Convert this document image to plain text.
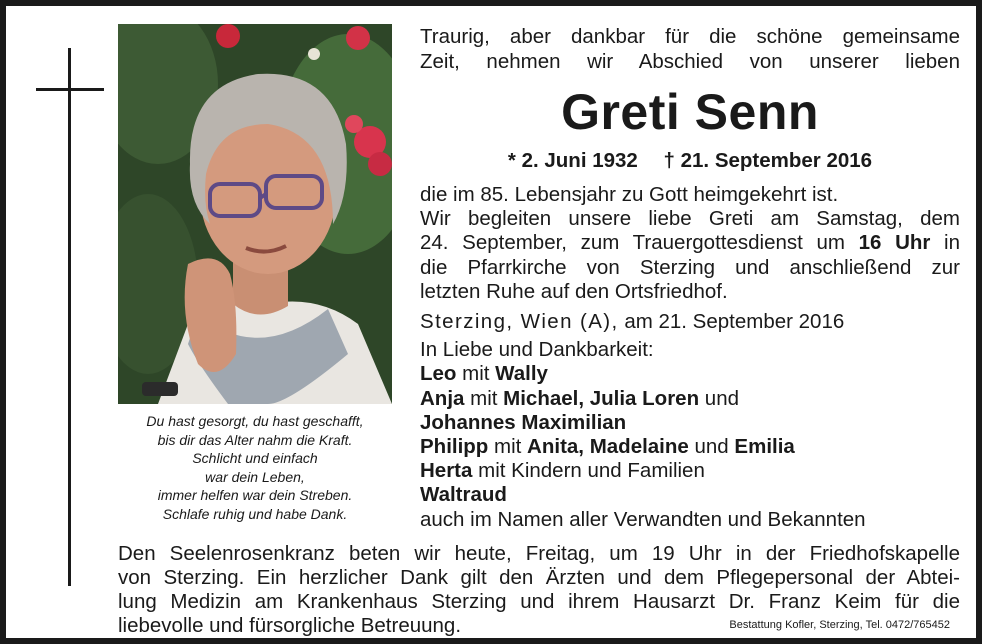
Du hast gesorgt, du hast geschafft,
bis dir das Alter nahm die Kraft.
Schlicht und einfach
war dein Leben,
immer helfen war dein Streben.
Schlafe ruhig und habe Dank.
Traurig, aber dankbar für die schöne gemeinsame
Zeit, nehmen wir Abschied von unserer lieben
Greti Senn
* 2. Juni 1932 † 21. September 2016
die im 85. Lebensjahr zu Gott heimgekehrt ist.
Wir begleiten unsere liebe Greti am Samstag, dem
24. September, zum Trauergottesdienst um 16 Uhr in
die Pfarrkirche von Sterzing und anschließend zur
letzten Ruhe auf den Ortsfriedhof.
Sterzing, Wien (A), am 21. September 2016
In Liebe und Dankbarkeit:
Leo mit Wally
Anja mit Michael, Julia Loren und
Johannes Maximilian
Philipp mit Anita, Madelaine und Emilia
Herta mit Kindern und Familien
Waltraud
auch im Namen aller Verwandten und Bekannten
Den Seelenrosenkranz beten wir heute, Freitag, um 19 Uhr in der Friedhofskapelle
von Sterzing. Ein herzlicher Dank gilt den Ärzten und dem Pflegepersonal der Abtei-
lung Medizin am Krankenhaus Sterzing und ihrem Hausarzt Dr. Franz Keim für die
liebevolle und fürsorgliche Betreuung.	Bestattung Kofler, Sterzing, Tel. 0472/765452
